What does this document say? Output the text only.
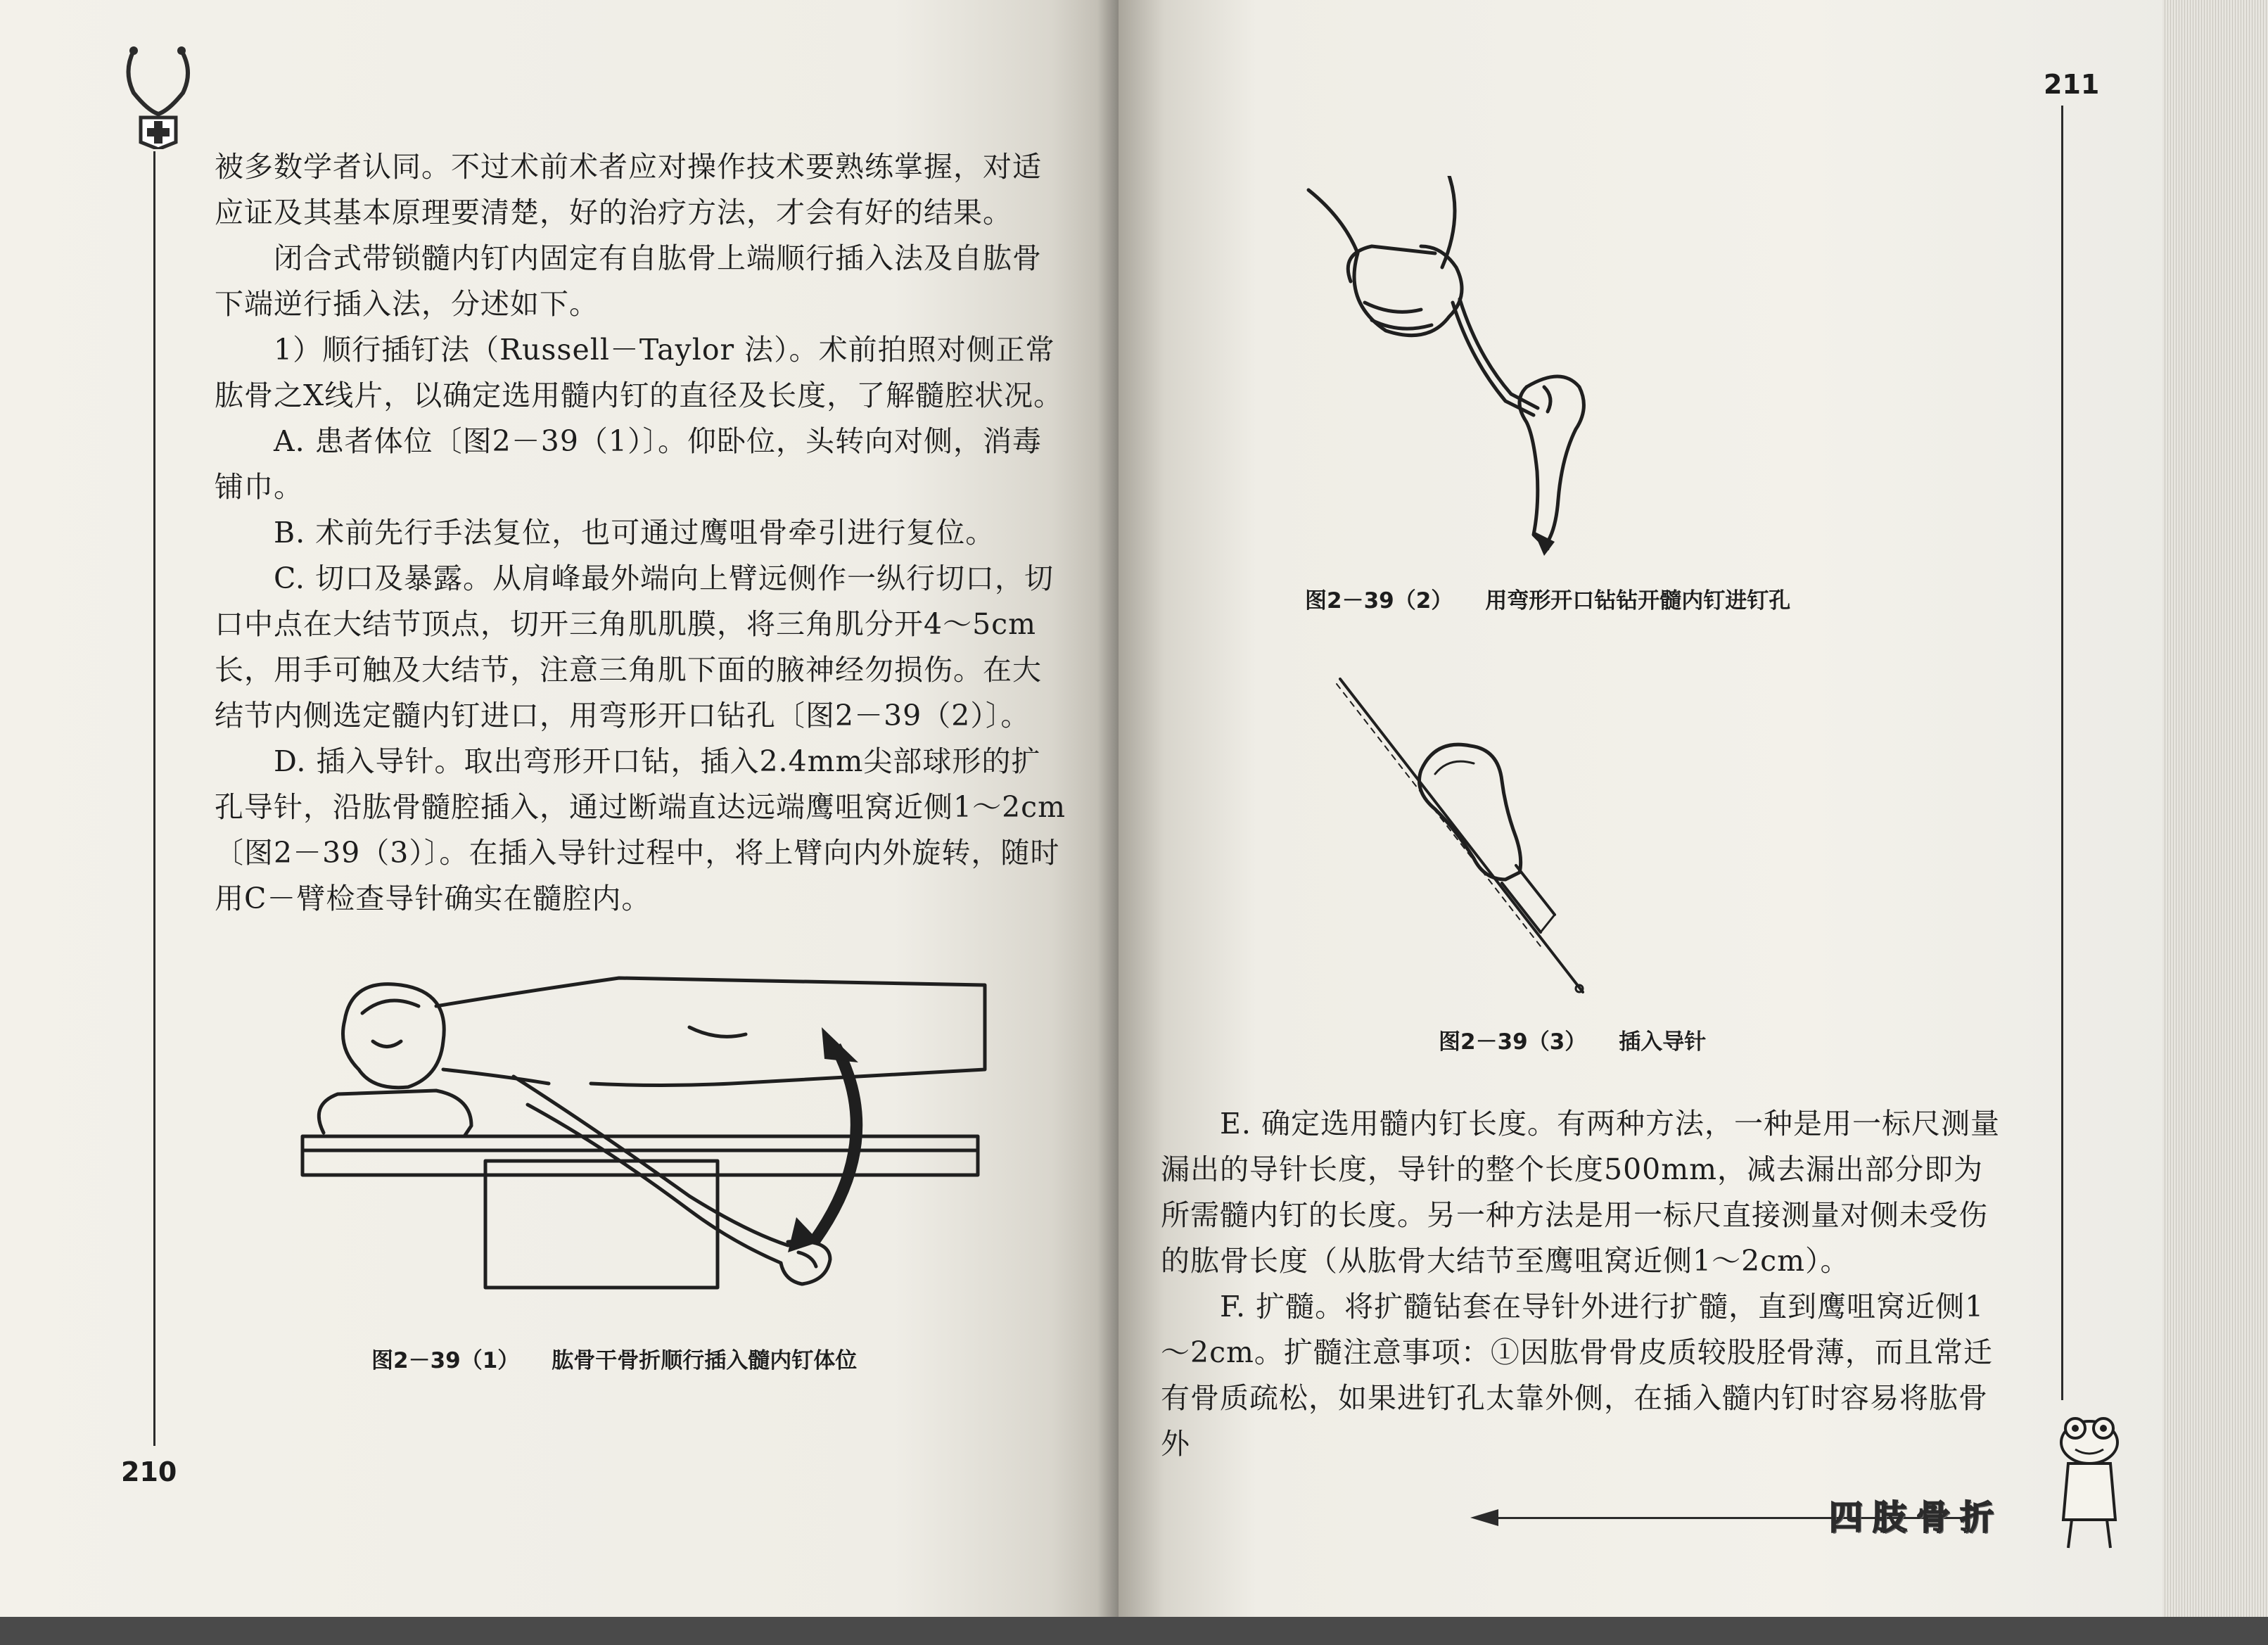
210

被多数学者认同。不过术前术者应对操作技术要熟练掌握，对适应证及其基本原理要清楚，好的治疗方法，才会有好的结果。

闭合式带锁髓内钉内固定有自肱骨上端顺行插入法及自肱骨下端逆行插入法，分述如下。

1）顺行插钉法（Russell－Taylor 法）。术前拍照对侧正常肱骨之X线片，以确定选用髓内钉的直径及长度，了解髓腔状况。

A. 患者体位〔图2－39（1）〕。仰卧位，头转向对侧，消毒铺巾。

B. 术前先行手法复位，也可通过鹰咀骨牵引进行复位。

C. 切口及暴露。从肩峰最外端向上臂远侧作一纵行切口，切口中点在大结节顶点，切开三角肌肌膜，将三角肌分开4～5cm长，用手可触及大结节，注意三角肌下面的腋神经勿损伤。在大结节内侧选定髓内钉进口，用弯形开口钻孔〔图2－39（2）〕。

D. 插入导针。取出弯形开口钻，插入2.4mm尖部球形的扩孔导针，沿肱骨髓腔插入，通过断端直达远端鹰咀窝近侧1～2cm〔图2－39（3）〕。在插入导针过程中，将上臂向内外旋转，随时用C－臂检查导针确实在髓腔内。

图2－39（1） 肱骨干骨折顺行插入髓内钉体位
211
图2－39（2） 用弯形开口钻钻开髓内钉进钉孔
图2－39（3） 插入导针

E. 确定选用髓内钉长度。有两种方法，一种是用一标尺测量漏出的导针长度，导针的整个长度500mm，减去漏出部分即为所需髓内钉的长度。另一种方法是用一标尺直接测量对侧未受伤的肱骨长度（从肱骨大结节至鹰咀窝近侧1～2cm）。

F. 扩髓。将扩髓钻套在导针外进行扩髓，直到鹰咀窝近侧1～2cm。扩髓注意事项：①因肱骨骨皮质较股胫骨薄，而且常迁有骨质疏松，如果进钉孔太靠外侧，在插入髓内钉时容易将肱骨外

四肢骨折
